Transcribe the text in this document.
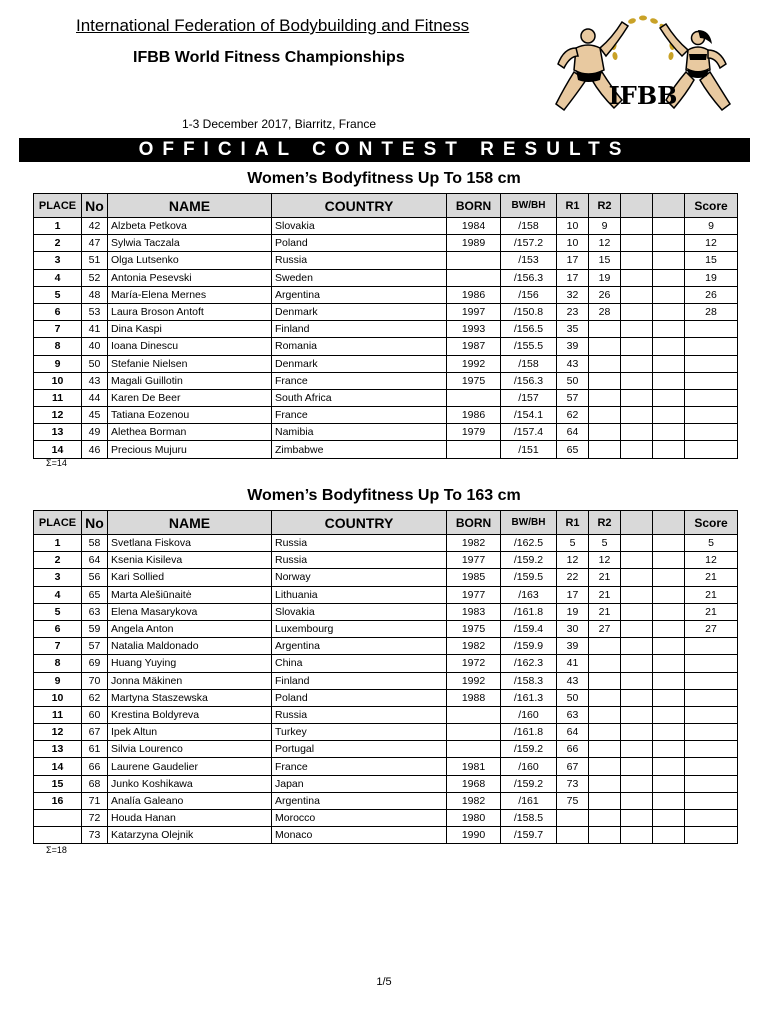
International Federation of Bodybuilding and Fitness
IFBB World Fitness Championships
1-3 December 2017, Biarritz, France
IFBB
OFFICIAL CONTEST RESULTS
Women’s Bodyfitness Up To 158 cm
PLACE	No	NAME	COUNTRY	BORN	BW/BH	R1	R2			Score
1	42	Alzbeta Petkova	Slovakia	1984	/158	10	9			9
2	47	Sylwia Taczala	Poland	1989	/157.2	10	12			12
3	51	Olga Lutsenko	Russia		/153	17	15			15
4	52	Antonia Pesevski	Sweden		/156.3	17	19			19
5	48	María-Elena Mernes	Argentina	1986	/156	32	26			26
6	53	Laura Broson Antoft	Denmark	1997	/150.8	23	28			28
7	41	Dina Kaspi	Finland	1993	/156.5	35				
8	40	Ioana Dinescu	Romania	1987	/155.5	39				
9	50	Stefanie Nielsen	Denmark	1992	/158	43				
10	43	Magali Guillotin	France	1975	/156.3	50				
11	44	Karen De Beer	South Africa		/157	57				
12	45	Tatiana Eozenou	France	1986	/154.1	62				
13	49	Alethea Borman	Namibia	1979	/157.4	64				
14	46	Precious Mujuru	Zimbabwe		/151	65				
Σ=14
Women’s Bodyfitness Up To 163 cm
PLACE	No	NAME	COUNTRY	BORN	BW/BH	R1	R2			Score
1	58	Svetlana Fiskova	Russia	1982	/162.5	5	5			5
2	64	Ksenia Kisileva	Russia	1977	/159.2	12	12			12
3	56	Kari Sollied	Norway	1985	/159.5	22	21			21
4	65	Marta Alešiūnaitė	Lithuania	1977	/163	17	21			21
5	63	Elena Masarykova	Slovakia	1983	/161.8	19	21			21
6	59	Angela Anton	Luxembourg	1975	/159.4	30	27			27
7	57	Natalia Maldonado	Argentina	1982	/159.9	39				
8	69	Huang Yuying	China	1972	/162.3	41				
9	70	Jonna Mäkinen	Finland	1992	/158.3	43				
10	62	Martyna Staszewska	Poland	1988	/161.3	50				
11	60	Krestina Boldyreva	Russia		/160	63				
12	67	Ipek Altun	Turkey		/161.8	64				
13	61	Silvia Lourenco	Portugal		/159.2	66				
14	66	Laurene Gaudelier	France	1981	/160	67				
15	68	Junko Koshikawa	Japan	1968	/159.2	73				
16	71	Analía Galeano	Argentina	1982	/161	75				
	72	Houda Hanan	Morocco	1980	/158.5					
	73	Katarzyna Olejnik	Monaco	1990	/159.7					
Σ=18
1/5
